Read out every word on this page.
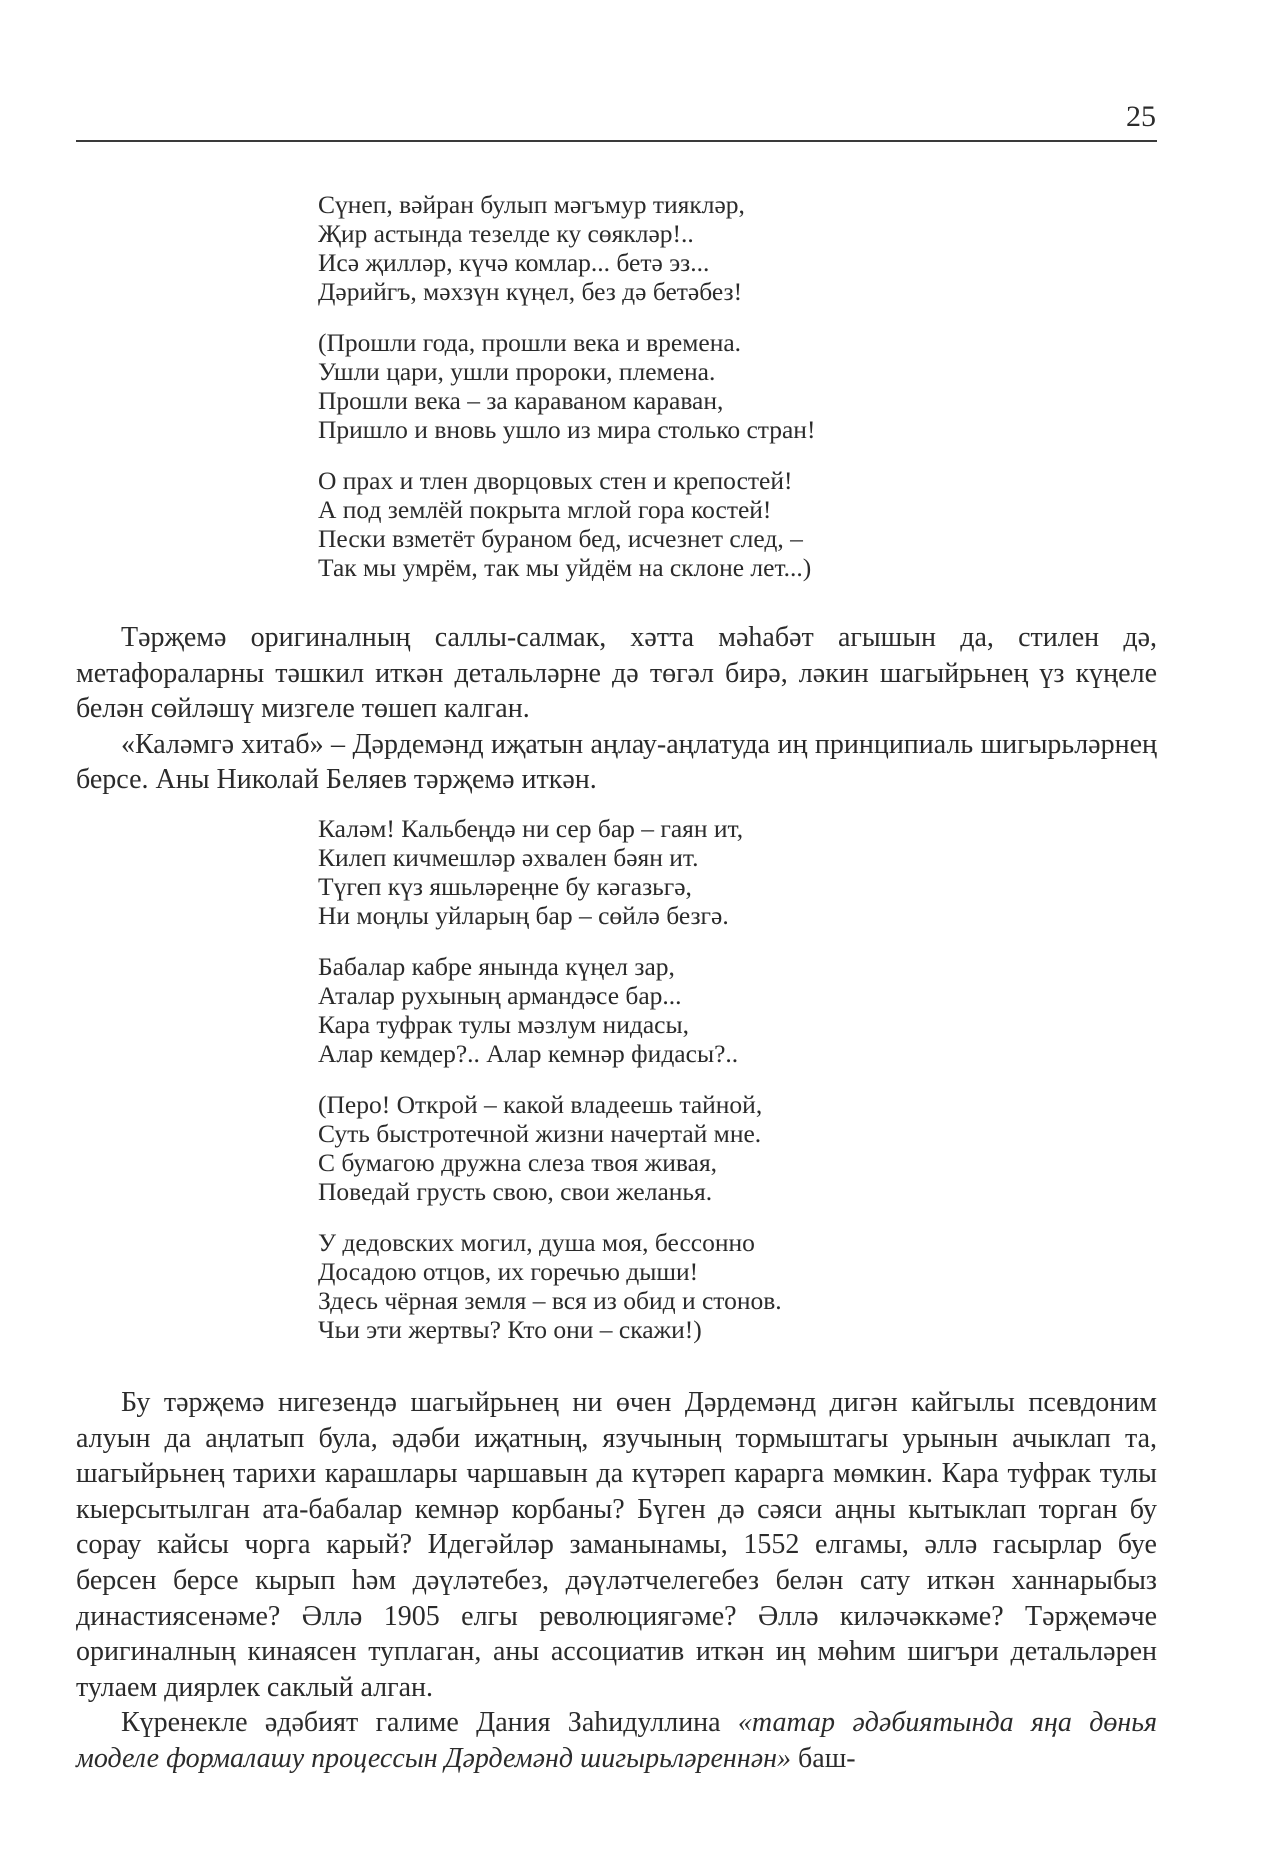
25
Сүнеп, вәйран булып мәгъмур тиякләр,
Җир астында тезелде ку сөякләр!..
Исә җилләр, күчә комлар... бетә эз...
Дәрийгъ, мәхзүн күңел, без дә бетәбез!
(Прошли года, прошли века и времена.
Ушли цари, ушли пророки, племена.
Прошли века – за караваном караван,
Пришло и вновь ушло из мира столько стран!
О прах и тлен дворцовых стен и крепостей!
А под землёй покрыта мглой гора костей!
Пески взметёт бураном бед, исчезнет след, –
Так мы умрём, так мы уйдём на склоне лет...)

Тәрҗемә оригиналның саллы-салмак, хәтта мәһабәт агышын да, стилен дә, метафораларны тәшкил иткән детальләрне дә төгәл бирә, ләкин шагыйрьнең үз күңеле белән сөйләшү мизгеле төшеп калган.

«Каләмгә хитаб» – Дәрдемәнд иҗатын аңлау-аңлатуда иң принципиаль шигырьләрнең берсе. Аны Николай Беляев тәрҗемә иткән.

Каләм! Кальбеңдә ни сер бар – гаян ит,
Килеп кичмешләр әхвален бәян ит.
Түгеп күз яшьләреңне бу кәгазьгә,
Ни моңлы уйларың бар – сөйлә безгә.
Бабалар кабре янында күңел зар,
Аталар рухының армандәсе бар...
Кара туфрак тулы мәзлум нидасы,
Алар кемдер?.. Алар кемнәр фидасы?..
(Перо! Открой – какой владеешь тайной,
Суть быстротечной жизни начертай мне.
С бумагою дружна слеза твоя живая,
Поведай грусть свою, свои желанья.
У дедовских могил, душа моя, бессонно
Досадою отцов, их горечью дыши!
Здесь чёрная земля – вся из обид и стонов.
Чьи эти жертвы? Кто они – скажи!)

Бу тәрҗемә нигезендә шагыйрьнең ни өчен Дәрдемәнд дигән кайгылы псевдоним алуын да аңлатып була, әдәби иҗатның, язучының тормыштагы урынын ачыклап та, шагыйрьнең тарихи карашлары чаршавын да күтәреп карарга мөмкин. Кара туфрак тулы кыерсытылган ата-бабалар кемнәр корбаны? Бүген дә сәяси аңны кытыклап торган бу сорау кайсы чорга карый? Идегәйләр заманынамы, 1552 елгамы, әллә гасырлар буе берсен берсе кырып һәм дәүләтебез, дәүләтчелегебез белән сату иткән ханнарыбыз династиясенәме? Әллә 1905 елгы революциягәме? Әллә киләчәккәме? Тәрҗемәче оригиналның кинаясен туплаган, аны ассоциатив иткән иң мөһим шигъри детальләрен тулаем диярлек саклый алган.

Күренекле әдәбият галиме Дания Заһидуллина «татар әдәбиятында яңа дөнья моделе формалашу процессын Дәрдемәнд шигырьләреннән» баш-
